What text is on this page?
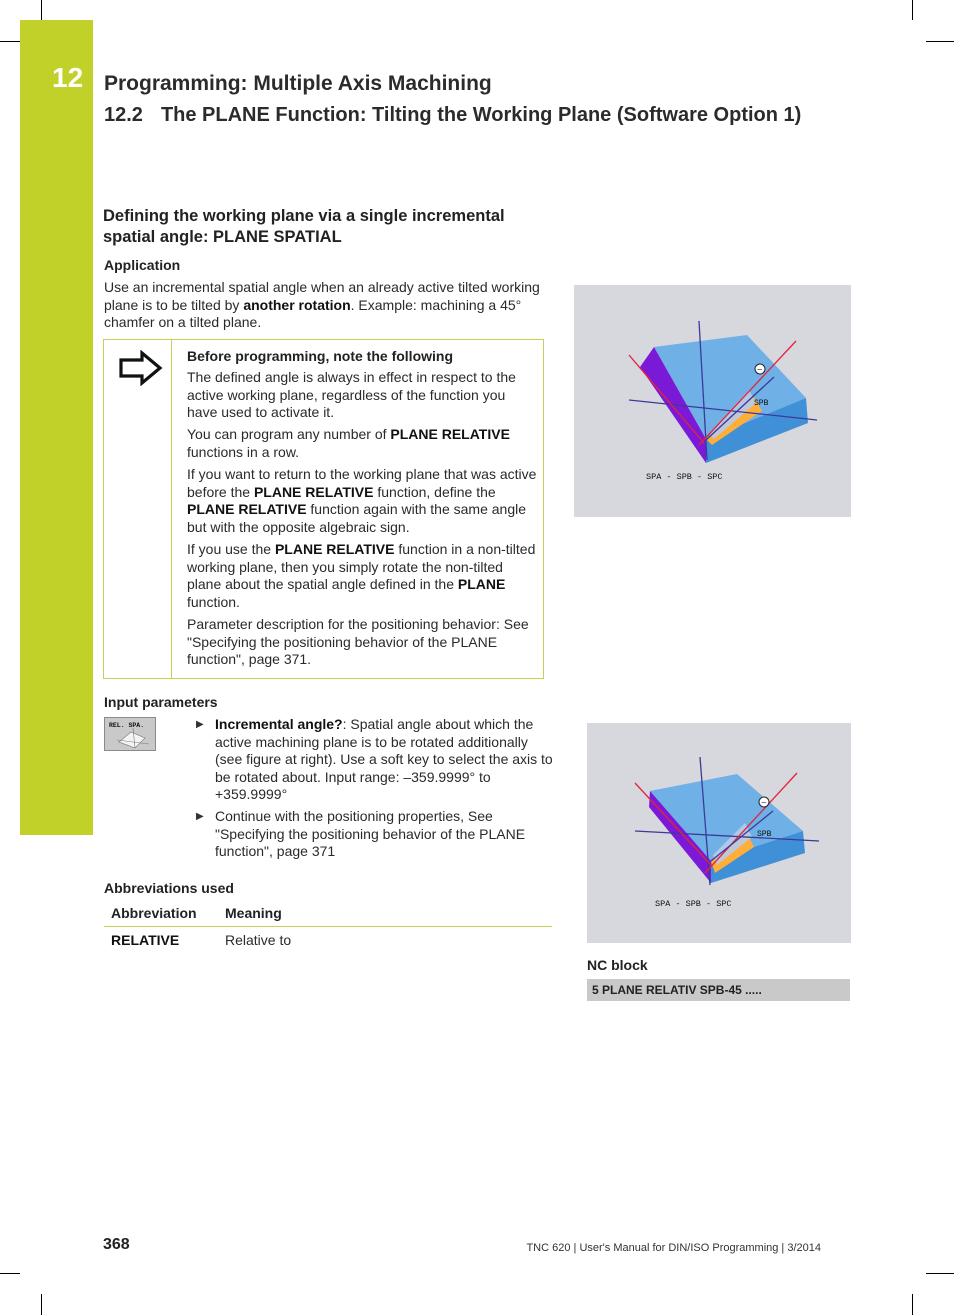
12 Programming: Multiple Axis Machining
12.2 The PLANE Function: Tilting the Working Plane (Software Option 1)
Defining the working plane via a single incremental spatial angle: PLANE SPATIAL
Application
Use an incremental spatial angle when an already active tilted working plane is to be tilted by another rotation. Example: machining a 45° chamfer on a tilted plane.
Before programming, note the following
The defined angle is always in effect in respect to the active working plane, regardless of the function you have used to activate it.
You can program any number of PLANE RELATIVE functions in a row.
If you want to return to the working plane that was active before the PLANE RELATIVE function, define the PLANE RELATIVE function again with the same angle but with the opposite algebraic sign.
If you use the PLANE RELATIVE function in a non-tilted working plane, then you simply rotate the non-tilted plane about the spatial angle defined in the PLANE function.
Parameter description for the positioning behavior: See "Specifying the positioning behavior of the PLANE function", page 371.
SPB
–
SPA - SPB - SPC
Input parameters
REL. SPA.	▶ Incremental angle?: Spatial angle about which the active machining plane is to be rotated additionally (see figure at right). Use a soft key to select the axis to be rotated about. Input range: –359.9999° to +359.9999°
▶ Continue with the positioning properties, See "Specifying the positioning behavior of the PLANE function", page 371
Abbreviations used
Abbreviation	Meaning
RELATIVE	Relative to
SPB
–
SPA - SPB - SPC
NC block
5 PLANE RELATIV SPB-45 .....
368	TNC 620 | User's Manual for DIN/ISO Programming | 3/2014
